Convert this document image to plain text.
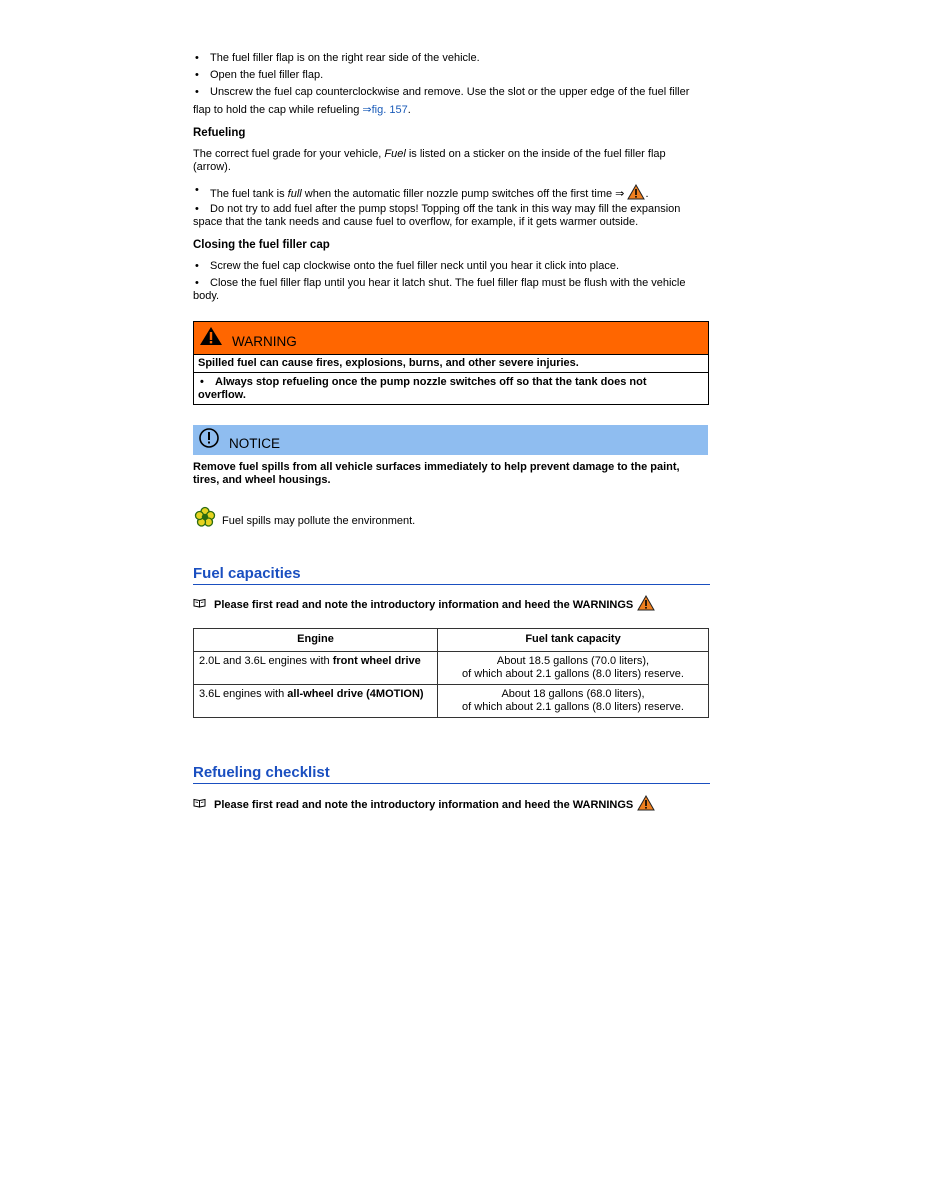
• The fuel filler flap is on the right rear side of the vehicle.
• Open the fuel filler flap.
• Unscrew the fuel cap counterclockwise and remove. Use the slot or the upper edge of the fuel filler
flap to hold the cap while refueling ⇒fig. 157.
Refueling
The correct fuel grade for your vehicle, Fuel is listed on a sticker on the inside of the fuel filler flap
(arrow).
• The fuel tank is full when the automatic filler nozzle pump switches off the first time ⇒ .
• Do not try to add fuel after the pump stops! Topping off the tank in this way may fill the expansion
space that the tank needs and cause fuel to overflow, for example, if it gets warmer outside.
Closing the fuel filler cap
• Screw the fuel cap clockwise onto the fuel filler neck until you hear it click into place.
• Close the fuel filler flap until you hear it latch shut. The fuel filler flap must be flush with the vehicle
body.
WARNING
Spilled fuel can cause fires, explosions, burns, and other severe injuries.
• Always stop refueling once the pump nozzle switches off so that the tank does not
overflow.
NOTICE
Remove fuel spills from all vehicle surfaces immediately to help prevent damage to the paint,
tires, and wheel housings.
Fuel spills may pollute the environment.
Fuel capacities
Please first read and note the introductory information and heed the WARNINGS
Engine	Fuel tank capacity
2.0L and 3.6L engines with front wheel drive	About 18.5 gallons (70.0 liters),
of which about 2.1 gallons (8.0 liters) reserve.

3.6L engines with all-wheel drive (4MOTION)	About 18 gallons (68.0 liters),
of which about 2.1 gallons (8.0 liters) reserve.
Refueling checklist
Please first read and note the introductory information and heed the WARNINGS
